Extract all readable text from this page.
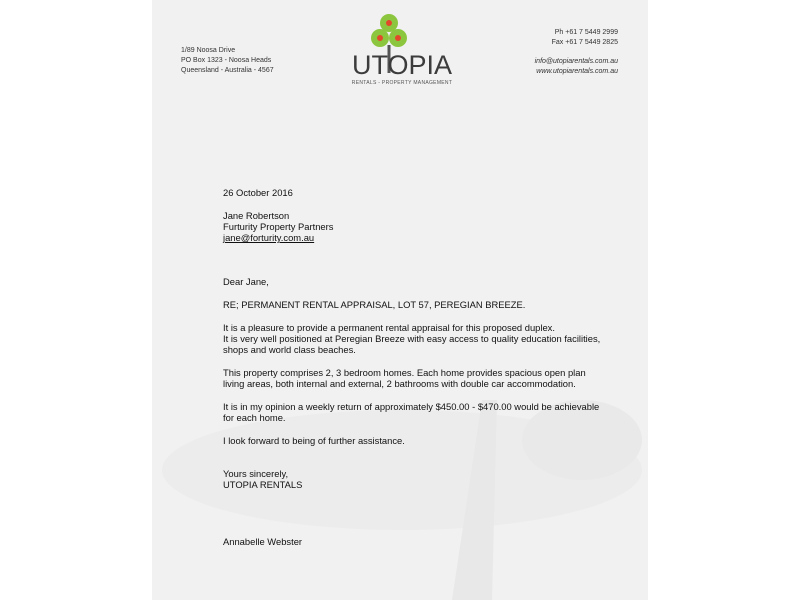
1/89 Noosa Drive
PO Box 1323 - Noosa Heads
Queensland - Australia - 4567	UTOPIA
RENTALS - PROPERTY MANAGEMENT
Ph +61 7 5449 2999
Fax +61 7 5449 2825
info@utopiarentals.com.au
www.utopiarentals.com.au

26 October 2016

Jane Robertson

Furturity Property Partners

jane@forturity.com.au

Dear Jane,

RE; PERMANENT RENTAL APPRAISAL, LOT 57, PEREGIAN BREEZE.

It is a pleasure to provide a permanent rental appraisal for this proposed duplex.

It is very well positioned at Peregian Breeze with easy access to quality education facilities,

shops and world class beaches.

This property comprises 2, 3 bedroom homes. Each home provides spacious open plan

living areas, both internal and external, 2 bathrooms with double car accommodation.

It is in my opinion a weekly return of approximately $450.00 - $470.00 would be achievable

for each home.

I look forward to being of further assistance.

Yours sincerely,

UTOPIA RENTALS

Annabelle Webster
